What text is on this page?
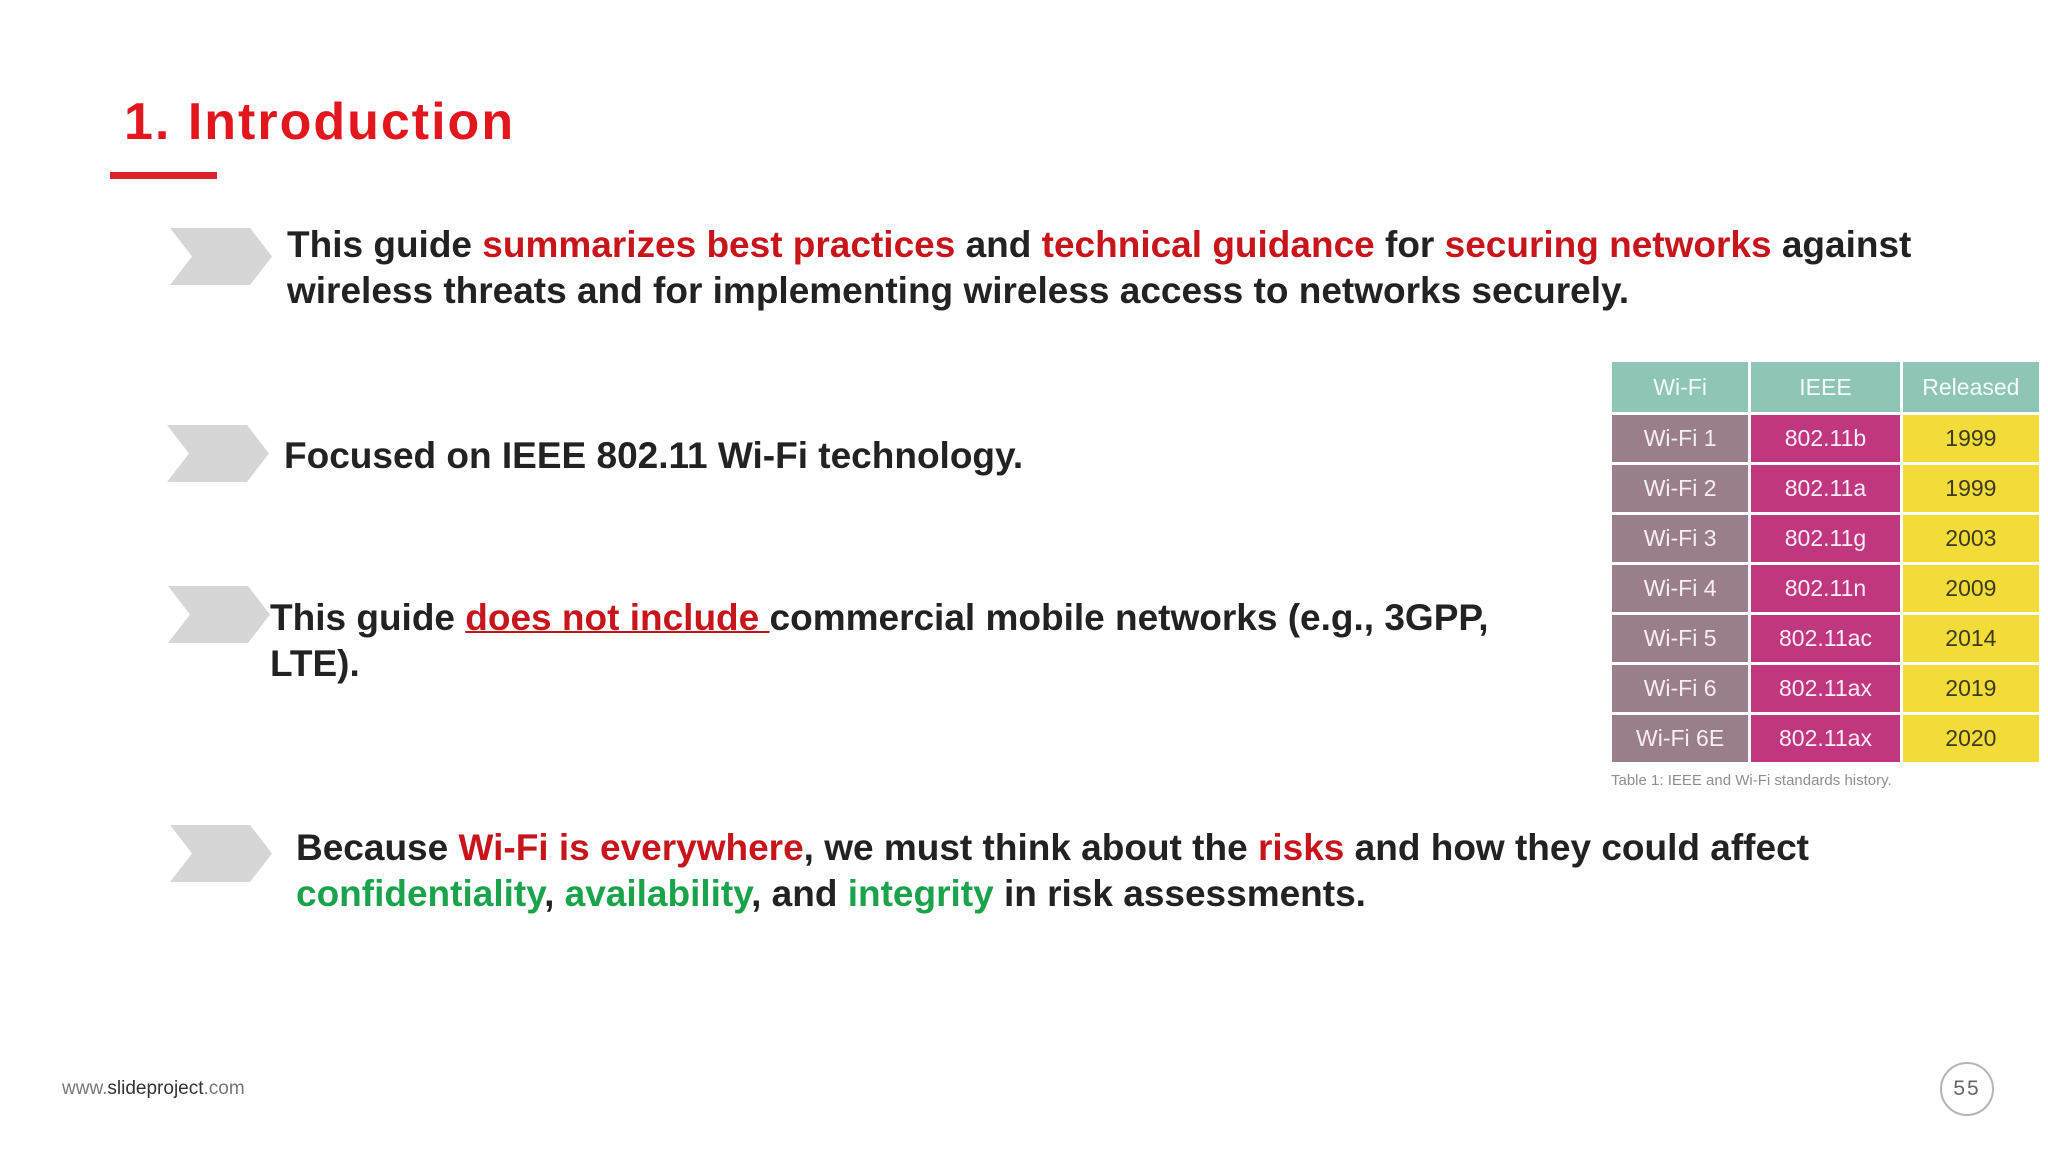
1. Introduction

This guide summarizes best practices and technical guidance for securing networks against wireless threats and for implementing wireless access to networks securely.

Focused on IEEE 802.11 Wi-Fi technology.

This guide does not include commercial mobile networks (e.g., 3GPP, LTE).

Because Wi-Fi is everywhere, we must think about the risks and how they could affect confidentiality, availability, and integrity in risk assessments.

Wi-Fi	IEEE	Released
Wi-Fi 1	802.11b	1999
Wi-Fi 2	802.11a	1999
Wi-Fi 3	802.11g	2003
Wi-Fi 4	802.11n	2009
Wi-Fi 5	802.11ac	2014
Wi-Fi 6	802.11ax	2019
Wi-Fi 6E	802.11ax	2020
Table 1: IEEE and Wi-Fi standards history.
www.slideproject.com	55
